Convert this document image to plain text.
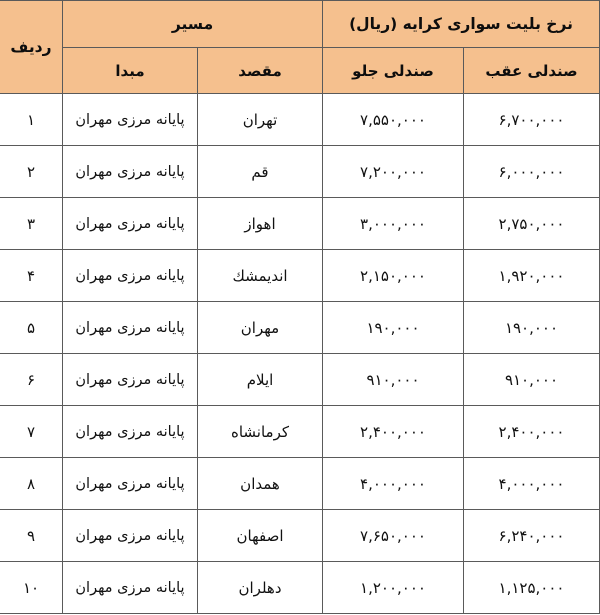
نرخ بلیت سواری کرایه (ریال)		مسیر		ردیف
صندلی عقب	صندلی جلو	مقصد	مبدا	
۶,۷۰۰,۰۰۰	۷,۵۵۰,۰۰۰	تهران	پایانه مرزی مهران	۱
۶,۰۰۰,۰۰۰	۷,۲۰۰,۰۰۰	قم	پایانه مرزی مهران	۲
۲,۷۵۰,۰۰۰	۳,۰۰۰,۰۰۰	اهواز	پایانه مرزی مهران	۳
۱,۹۲۰,۰۰۰	۲,۱۵۰,۰۰۰	اندیمشك	پایانه مرزی مهران	۴
۱۹۰,۰۰۰	۱۹۰,۰۰۰	مهران	پایانه مرزی مهران	۵
۹۱۰,۰۰۰	۹۱۰,۰۰۰	ایلام	پایانه مرزی مهران	۶
۲,۴۰۰,۰۰۰	۲,۴۰۰,۰۰۰	کرمانشاه	پایانه مرزی مهران	۷
۴,۰۰۰,۰۰۰	۴,۰۰۰,۰۰۰	همدان	پایانه مرزی مهران	۸
۶,۲۴۰,۰۰۰	۷,۶۵۰,۰۰۰	اصفهان	پایانه مرزی مهران	۹
۱,۱۲۵,۰۰۰	۱,۲۰۰,۰۰۰	دهلران	پایانه مرزی مهران	۱۰
